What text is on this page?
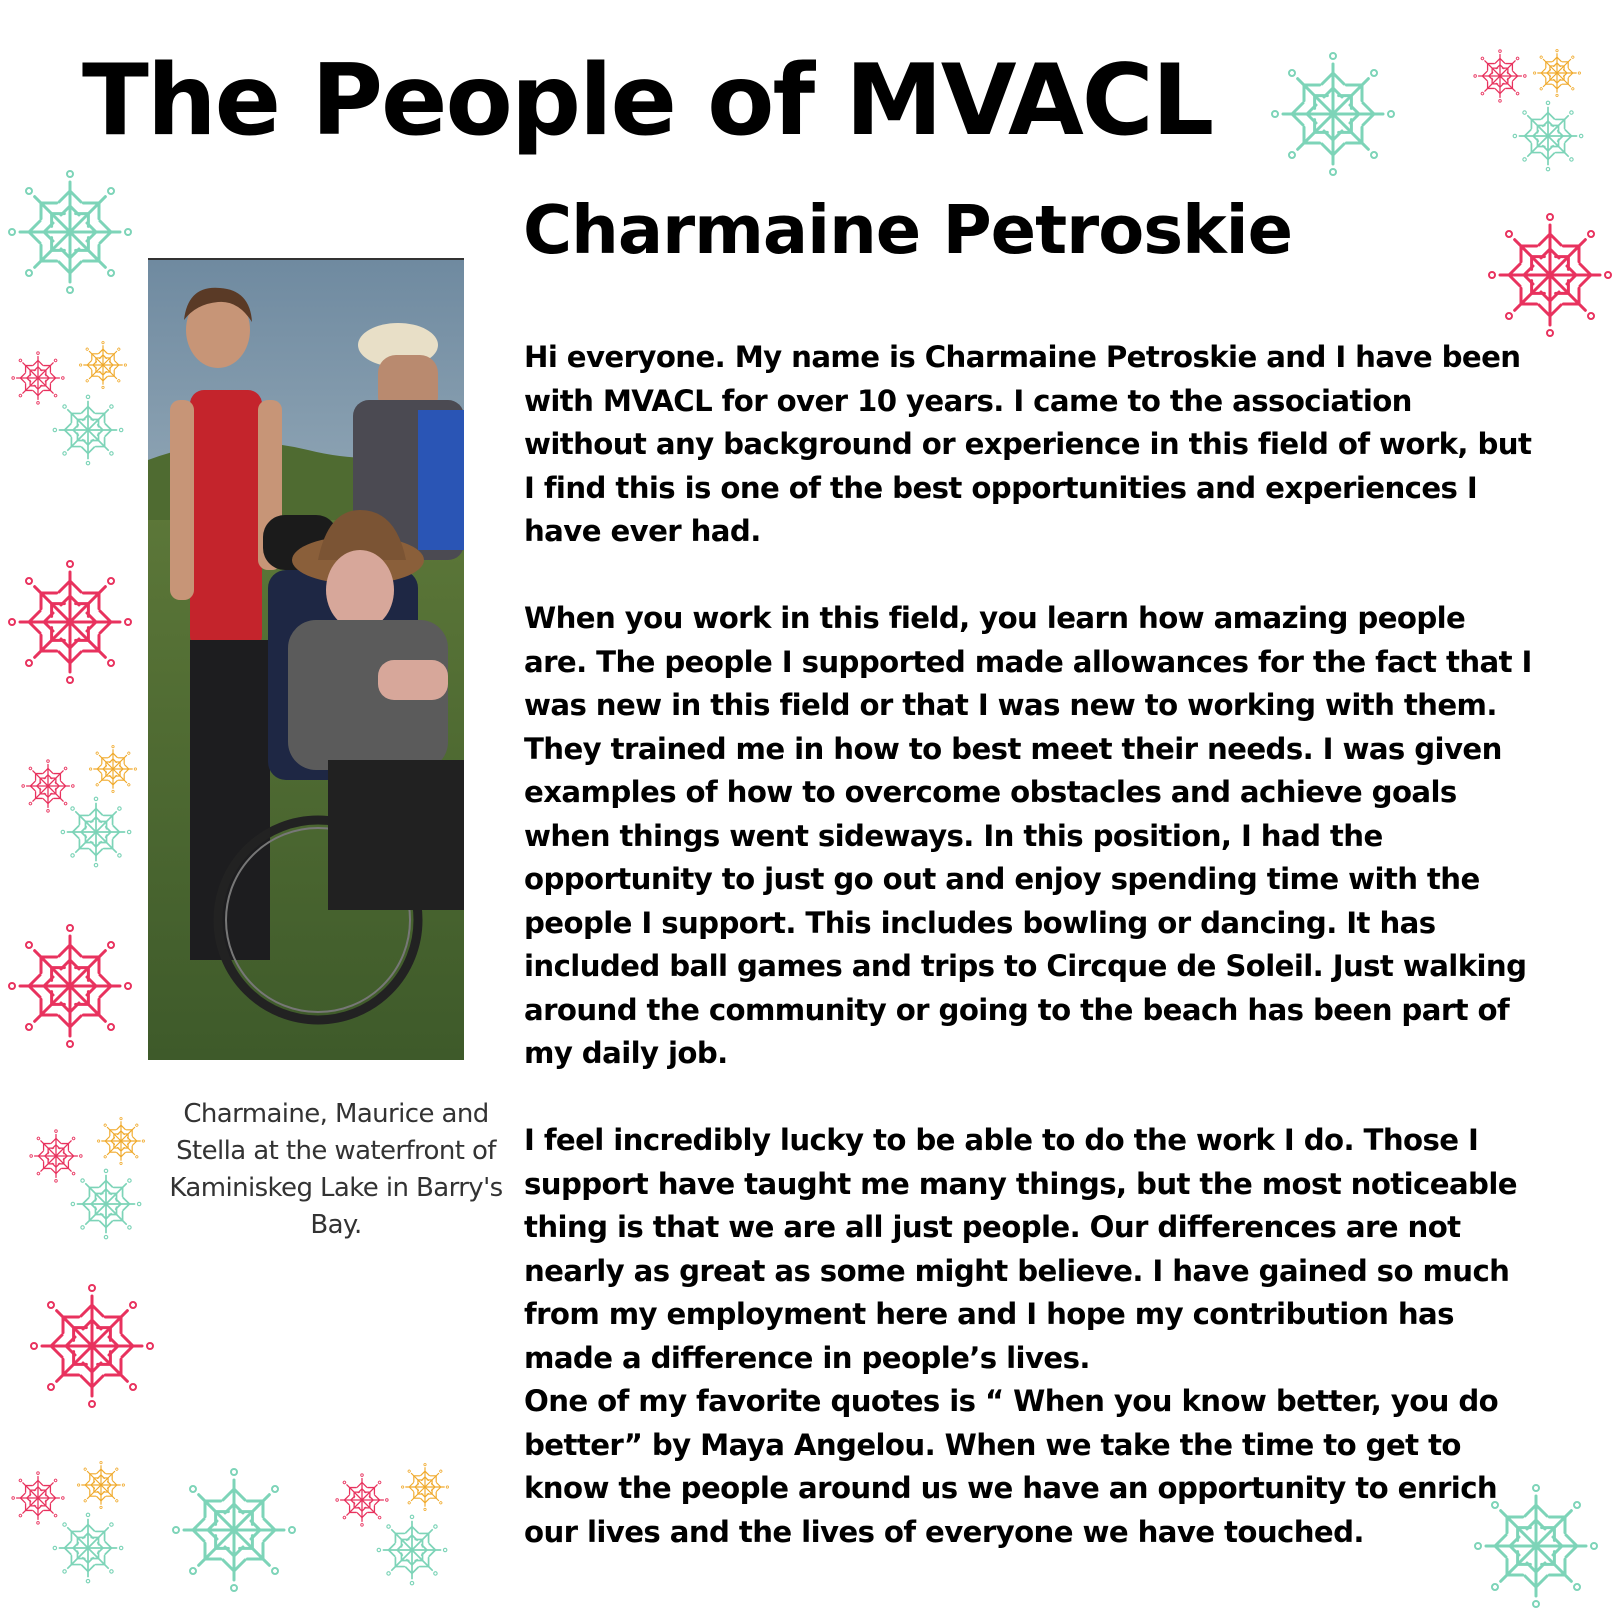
The People of MVACL
Charmaine Petroskie
Charmaine, Maurice and Stella at the waterfront of Kaminiskeg Lake in Barry's Bay.

Hi everyone. My name is Charmaine Petroskie and I have been with MVACL for over 10 years. I came to the association without any background or experience in this field of work, but I find this is one of the best opportunities and experiences I have ever had.

When you work in this field, you learn how amazing people are. The people I supported made allowances for the fact that I was new in this field or that I was new to working with them. They trained me in how to best meet their needs. I was given examples of how to overcome obstacles and achieve goals when things went sideways. In this position, I had the opportunity to just go out and enjoy spending time with the people I support. This includes bowling or dancing. It has included ball games and trips to Circque de Soleil. Just walking around the community or going to the beach has been part of my daily job.

I feel incredibly lucky to be able to do the work I do. Those I support have taught me many things, but the most noticeable thing is that we are all just people. Our differences are not nearly as great as some might believe. I have gained so much from my employment here and I hope my contribution has made a difference in people’s lives.

One of my favorite quotes is “ When you know better, you do better” by Maya Angelou. When we take the time to get to know the people around us we have an opportunity to enrich our lives and the lives of everyone we have touched.
